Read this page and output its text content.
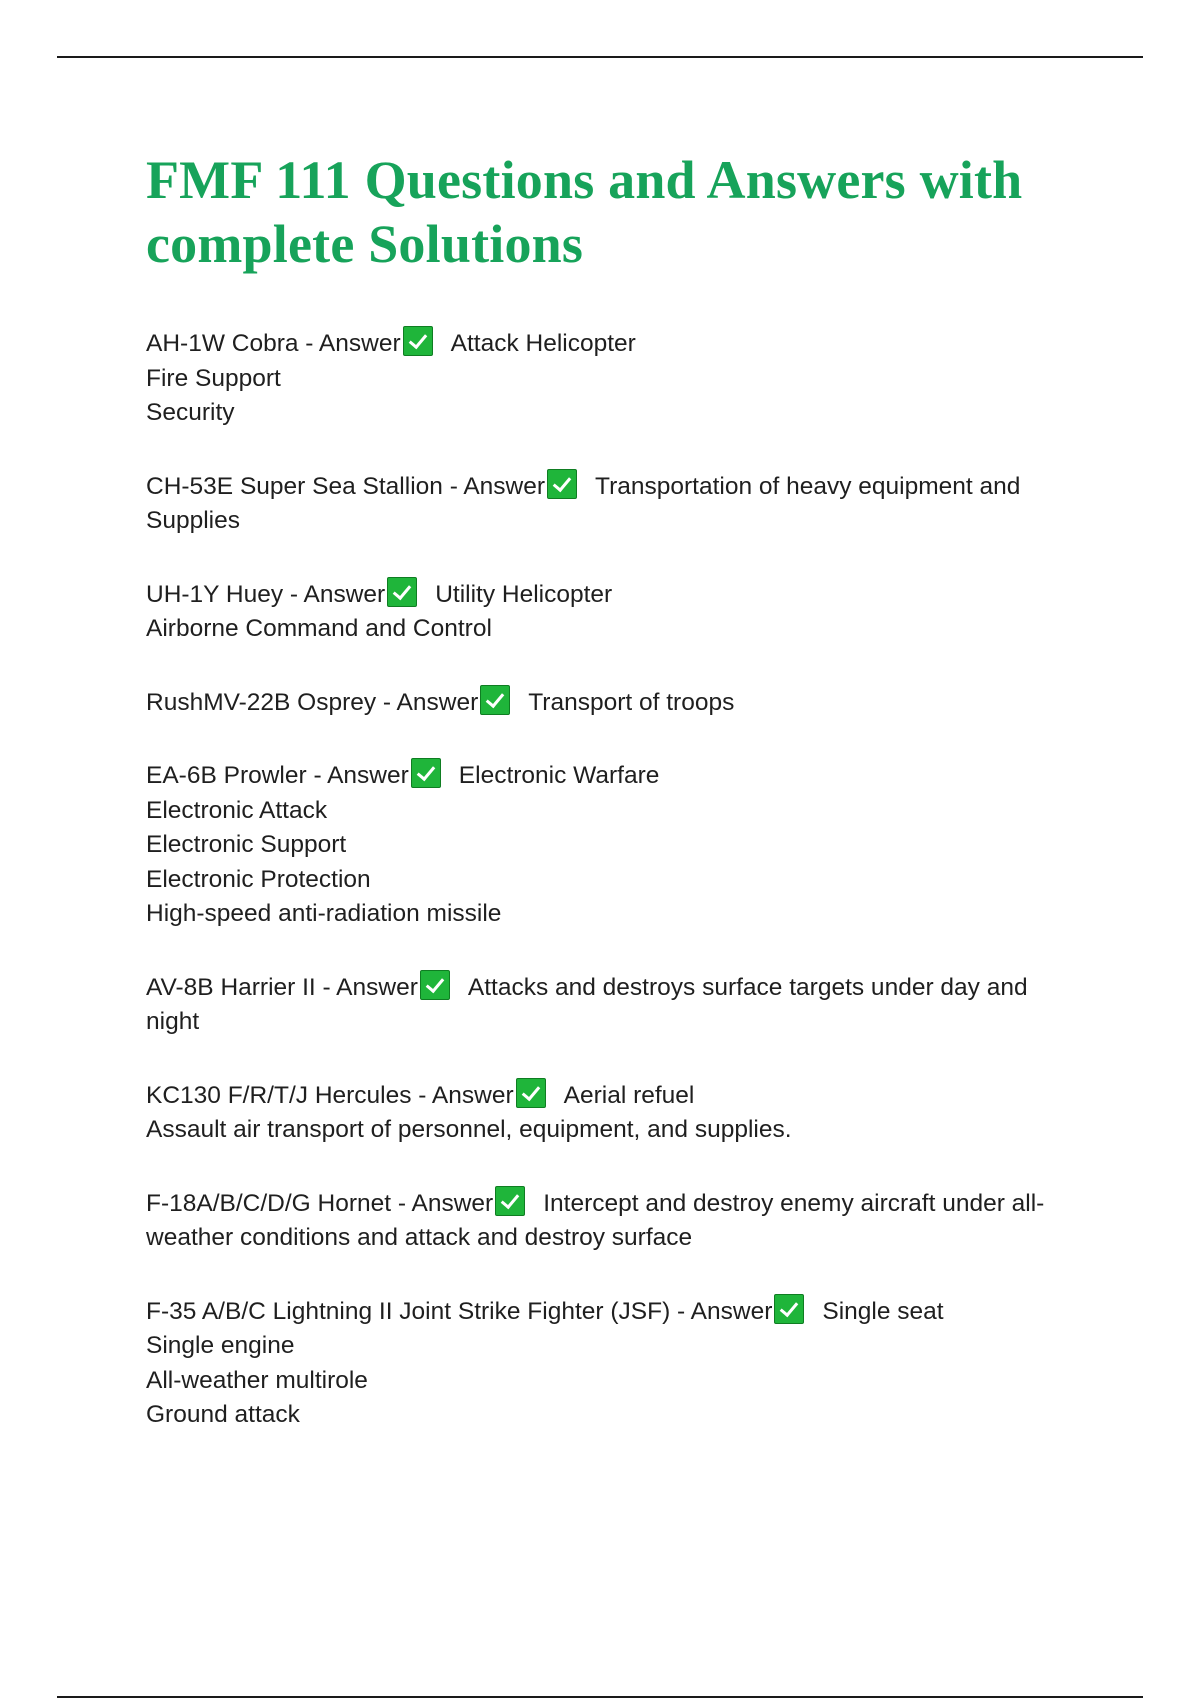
FMF 111 Questions and Answers with complete Solutions
AH-1W Cobra - Answer Attack Helicopter
Fire Support
Security
CH-53E Super Sea Stallion - Answer Transportation of heavy equipment and Supplies
UH-1Y Huey - Answer Utility Helicopter
Airborne Command and Control
RushMV-22B Osprey - Answer Transport of troops
EA-6B Prowler - Answer Electronic Warfare
Electronic Attack
Electronic Support
Electronic Protection
High-speed anti-radiation missile
AV-8B Harrier II - Answer Attacks and destroys surface targets under day and night
KC130 F/R/T/J Hercules - Answer Aerial refuel
Assault air transport of personnel, equipment, and supplies.
F-18A/B/C/D/G Hornet - Answer Intercept and destroy enemy aircraft under all-weather conditions and attack and destroy surface
F-35 A/B/C Lightning II Joint Strike Fighter (JSF) - Answer Single seat
Single engine
All-weather multirole
Ground attack
